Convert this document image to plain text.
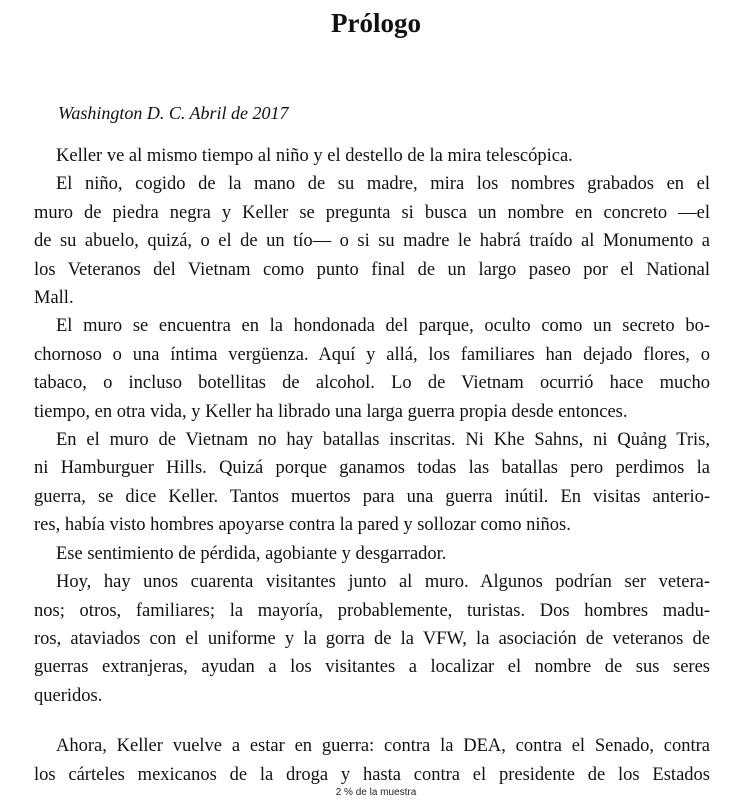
Prólogo
Washington D. C. Abril de 2017
Keller ve al mismo tiempo al niño y el destello de la mira telescópica.
El niño, cogido de la mano de su madre, mira los nombres grabados en el
muro de piedra negra y Keller se pregunta si busca un nombre en concreto —el
de su abuelo, quizá, o el de un tío— o si su madre le habrá traído al Monumento a
los Veteranos del Vietnam como punto final de un largo paseo por el National
Mall.
El muro se encuentra en la hondonada del parque, oculto como un secreto bo-
chornoso o una íntima vergüenza. Aquí y allá, los familiares han dejado flores, o
tabaco, o incluso botellitas de alcohol. Lo de Vietnam ocurrió hace mucho
tiempo, en otra vida, y Keller ha librado una larga guerra propia desde entonces.
En el muro de Vietnam no hay batallas inscritas. Ni Khe Sahns, ni Quảng Tris,
ni Hamburguer Hills. Quizá porque ganamos todas las batallas pero perdimos la
guerra, se dice Keller. Tantos muertos para una guerra inútil. En visitas anterio-
res, había visto hombres apoyarse contra la pared y sollozar como niños.
Ese sentimiento de pérdida, agobiante y desgarrador.
Hoy, hay unos cuarenta visitantes junto al muro. Algunos podrían ser vetera-
nos; otros, familiares; la mayoría, probablemente, turistas. Dos hombres madu-
ros, ataviados con el uniforme y la gorra de la VFW, la asociación de veteranos de
guerras extranjeras, ayudan a los visitantes a localizar el nombre de sus seres
queridos.
Ahora, Keller vuelve a estar en guerra: contra la DEA, contra el Senado, contra
los cárteles mexicanos de la droga y hasta contra el presidente de los Estados
2 % de la muestra
